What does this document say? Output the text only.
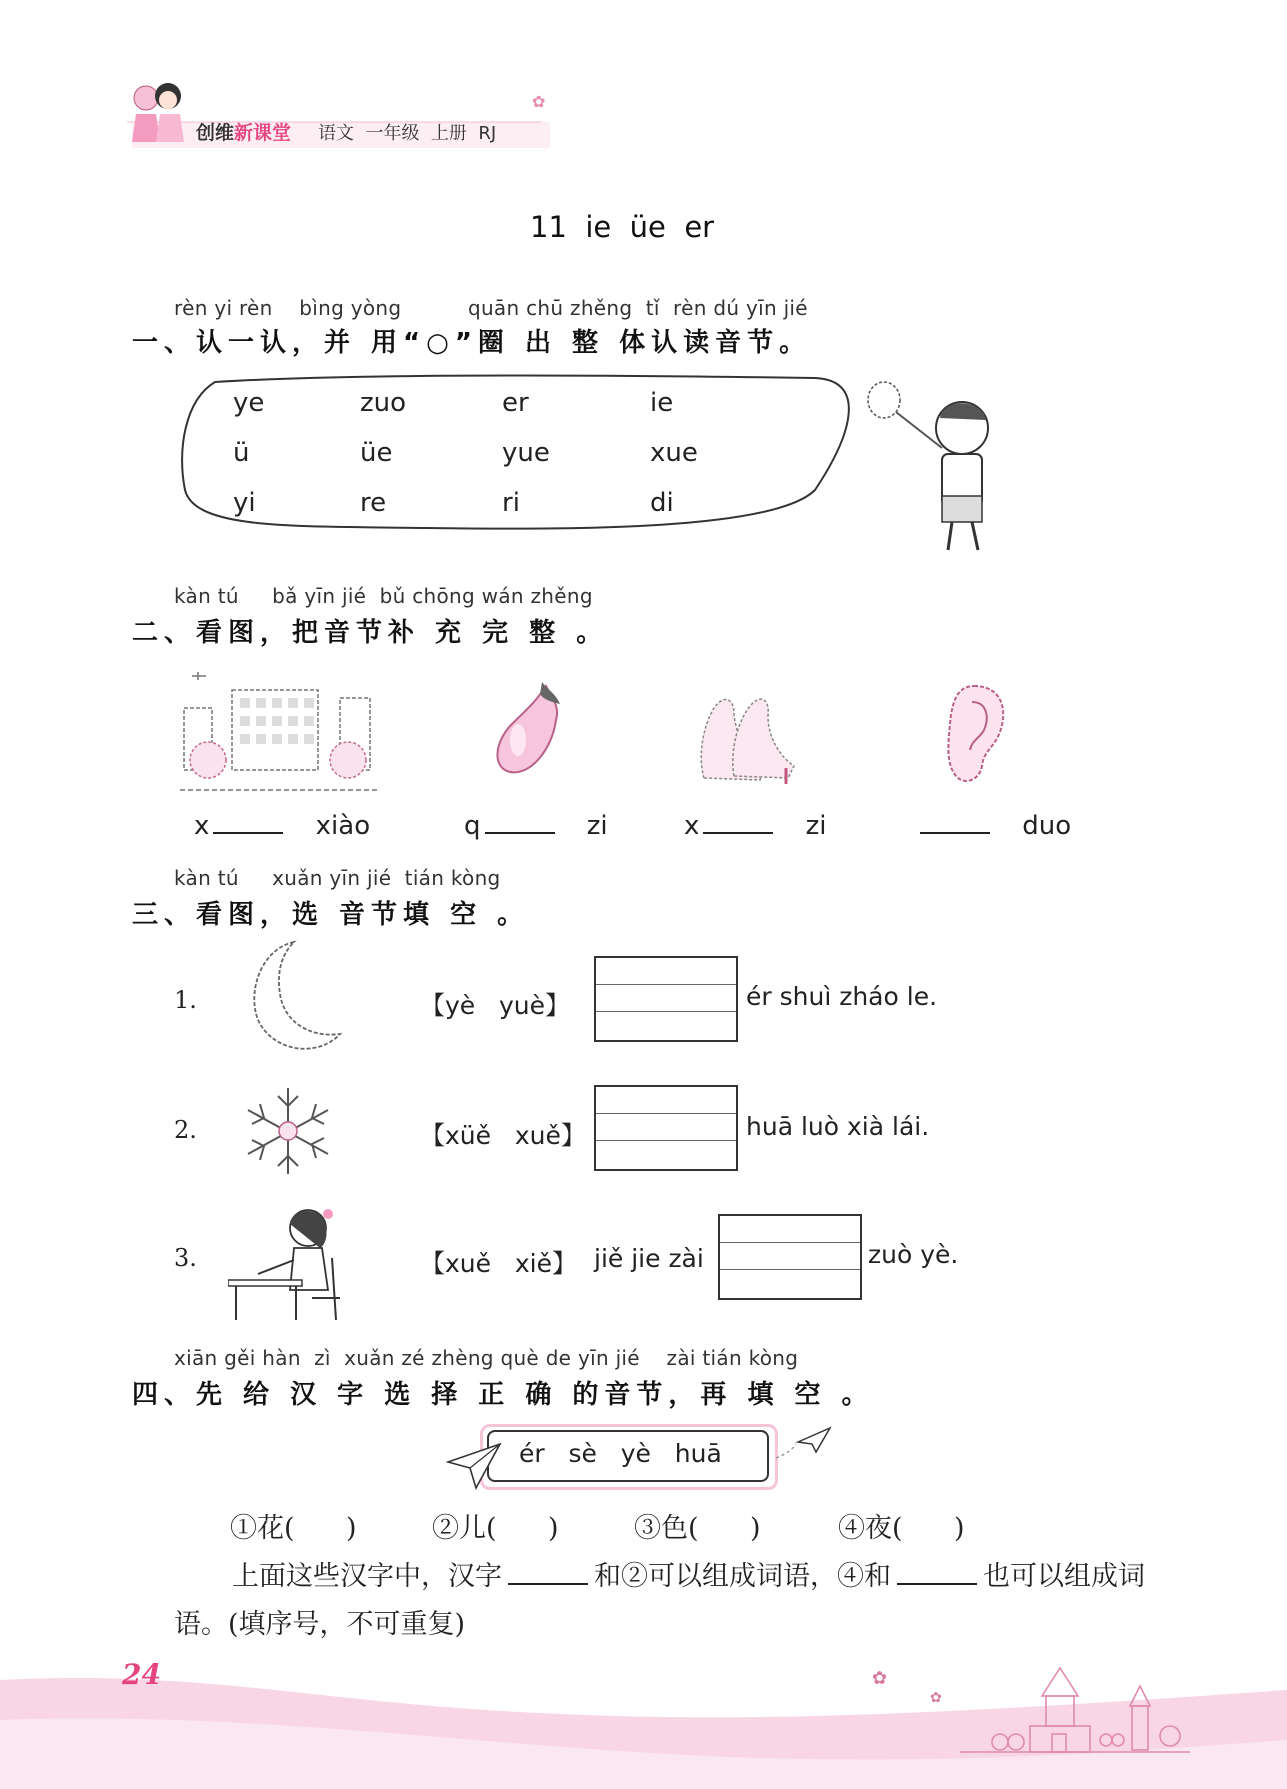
创维新课堂 语文  一年级  上册  RJ
✿
11  ie  üe  er
rèn yi rèn    bìng yòng          quān chū zhěng  tǐ  rèn dú yīn jié
一、认一认，并 用“○”圈 出 整 体认读音节。
ye	zuo	er	ie
ü	üe	yue	xue
yi	re	ri	di
kàn tú     bǎ yīn jié  bǔ chōng wán zhěng
二、看图，把音节补 充 完 整 。
x	xiào	q	zi	x	zi	duo
kàn tú     xuǎn yīn jié  tián kòng
三、看图，选 音节填 空 。
1.	【yè   yuè】	ér shuì zháo le.
2.	【xüě   xuě】	huā luò xià lái.
3.	【xuě   xiě】 jiě jie zài	zuò yè.
xiān gěi hàn  zì  xuǎn zé zhèng què de yīn jié    zài tián kòng
四、先 给 汉 字 选 择 正 确 的音节，再 填 空 。
ér   sè   yè   huā
①花(      )	②儿(      )	③色(      )	④夜(      )
上面这些汉字中，汉字	和②可以组成词语，④和	也可以组成词
语。(填序号，不可重复)
24	✿
✿
